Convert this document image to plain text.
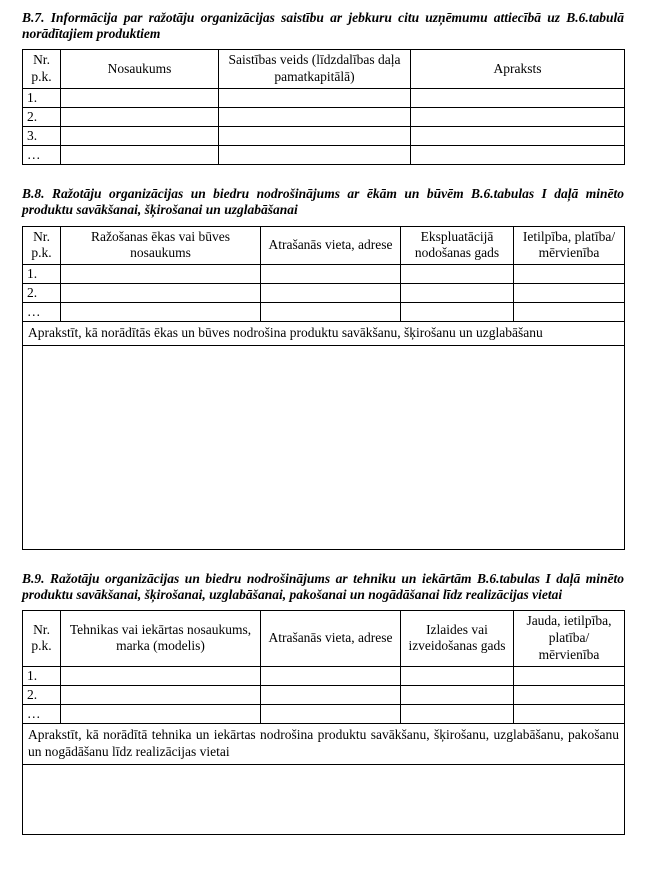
B.7. Informācija par ražotāju organizācijas saistību ar jebkuru citu uzņēmumu attiecībā uz B.6.tabulā norādītajiem produktiem

Nr. p.k.	Nosaukums	Saistības veids (līdzdalības daļa pamatkapitālā)	Apraksts
1.			
2.			
3.			
…			

B.8. Ražotāju organizācijas un biedru nodrošinājums ar ēkām un būvēm B.6.tabulas I daļā minēto produktu savākšanai, šķirošanai un uzglabāšanai

Nr. p.k.	Ražošanas ēkas vai būves nosaukums	Atrašanās vieta, adrese	Ekspluatācijā nodošanas gads	Ietilpība, platība/ mērvienība
1.				
2.				
…				
Aprakstīt, kā norādītās ēkas un būves nodrošina produktu savākšanu, šķirošanu un uzglabāšanu				

B.9. Ražotāju organizācijas un biedru nodrošinājums ar tehniku un iekārtām B.6.tabulas I daļā minēto produktu savākšanai, šķirošanai, uzglabāšanai, pakošanai un nogādāšanai līdz realizācijas vietai

Nr. p.k.	Tehnikas vai iekārtas nosaukums, marka (modelis)	Atrašanās vieta, adrese	Izlaides vai izveidošanas gads	Jauda, ietilpība, platība/ mērvienība
1.				
2.				
…				
Aprakstīt, kā norādītā tehnika un iekārtas nodrošina produktu savākšanu, šķirošanu, uzglabāšanu, pakošanu un nogādāšanu līdz realizācijas vietai				
